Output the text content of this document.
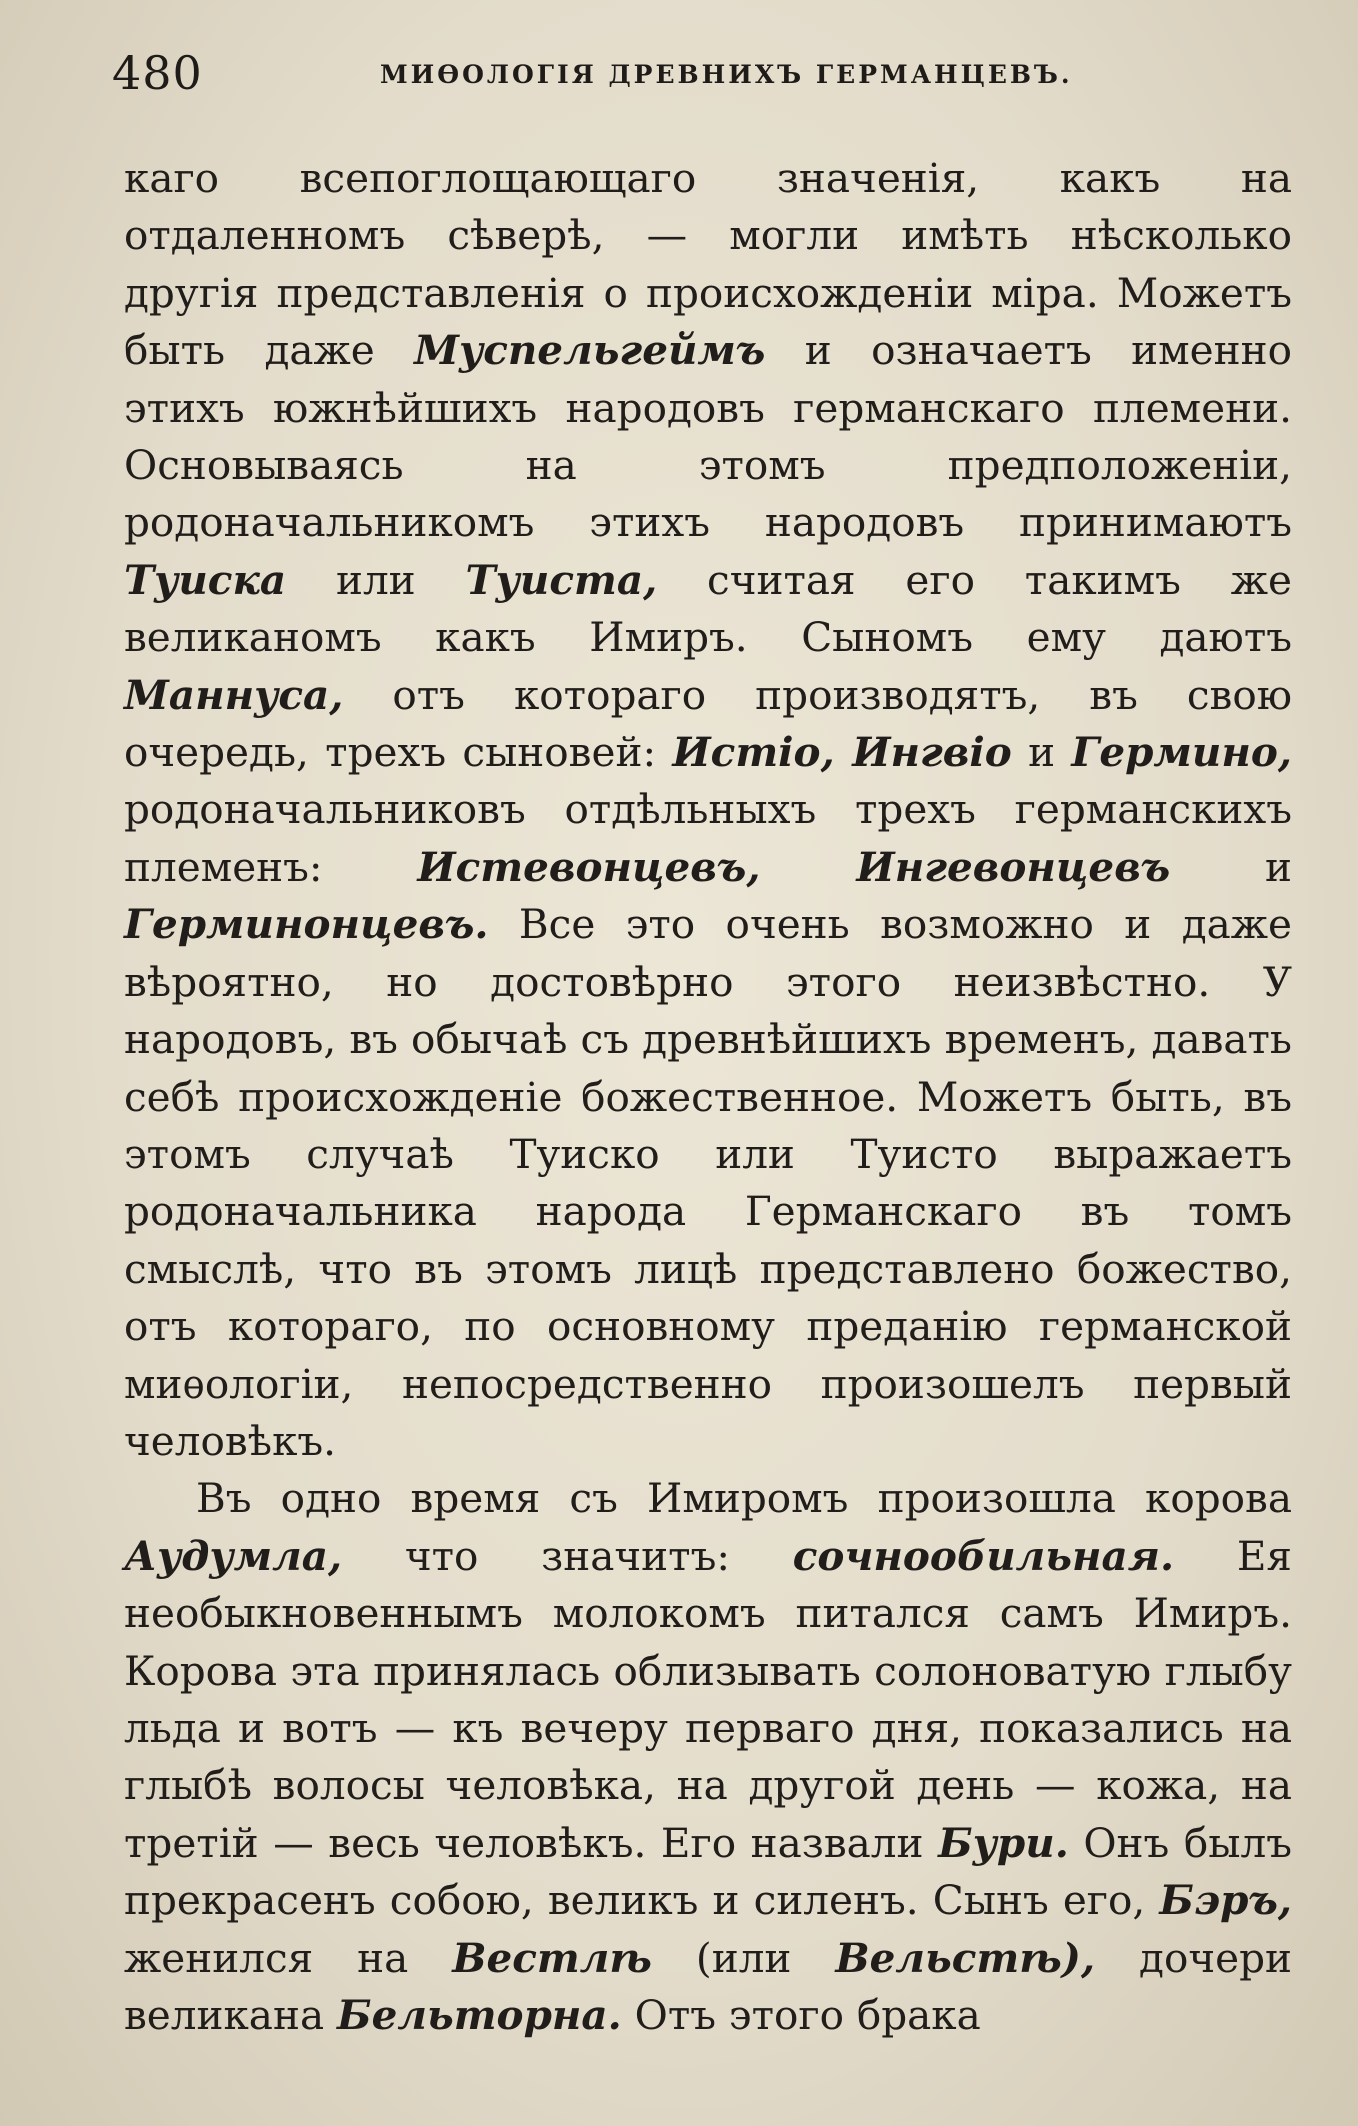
480	МИѲОЛОГІЯ ДРЕВНИХЪ ГЕРМАНЦЕВЪ.

каго всепоглощающаго значенія, какъ на отдаленномъ сѣверѣ, — могли имѣть нѣсколько другія представленія о происхожденіи міра. Можетъ быть даже Муспельгеймъ и означаетъ именно этихъ южнѣйшихъ народовъ германскаго племени. Основываясь на этомъ предположеніи, родоначальникомъ этихъ народовъ принимаютъ Туиска или Туиста, считая его такимъ же великаномъ какъ Имиръ. Сыномъ ему даютъ Маннуса, отъ котораго производятъ, въ свою очередь, трехъ сыновей: Истіо, Ингвіо и Гермино, родоначальниковъ отдѣльныхъ трехъ германскихъ племенъ: Истевонцевъ, Ингевонцевъ и Герминонцевъ. Все это очень возможно и даже вѣроятно, но достовѣрно этого неизвѣстно. У народовъ, въ обычаѣ съ древнѣйшихъ временъ, давать себѣ происхожденіе божественное. Можетъ быть, въ этомъ случаѣ Туиско или Туисто выражаетъ родоначальника народа Германскаго въ томъ смыслѣ, что въ этомъ лицѣ представлено божество, отъ котораго, по основному преданію германской миѳологіи, непосредственно произошелъ первый человѣкъ.

Въ одно время съ Имиромъ произошла корова Аудумла, что значитъ: сочнообильная. Ея необыкновеннымъ молокомъ питался самъ Имиръ. Корова эта принялась облизывать солоноватую глыбу льда и вотъ — къ вечеру перваго дня, показались на глыбѣ волосы человѣка, на другой день — кожа, на третій — весь человѣкъ. Его назвали Бури. Онъ былъ прекрасенъ собою, великъ и силенъ. Сынъ его, Бэръ, женился на Вестлѣ (или Вельстѣ), дочери великана Бельторна. Отъ этого брака
